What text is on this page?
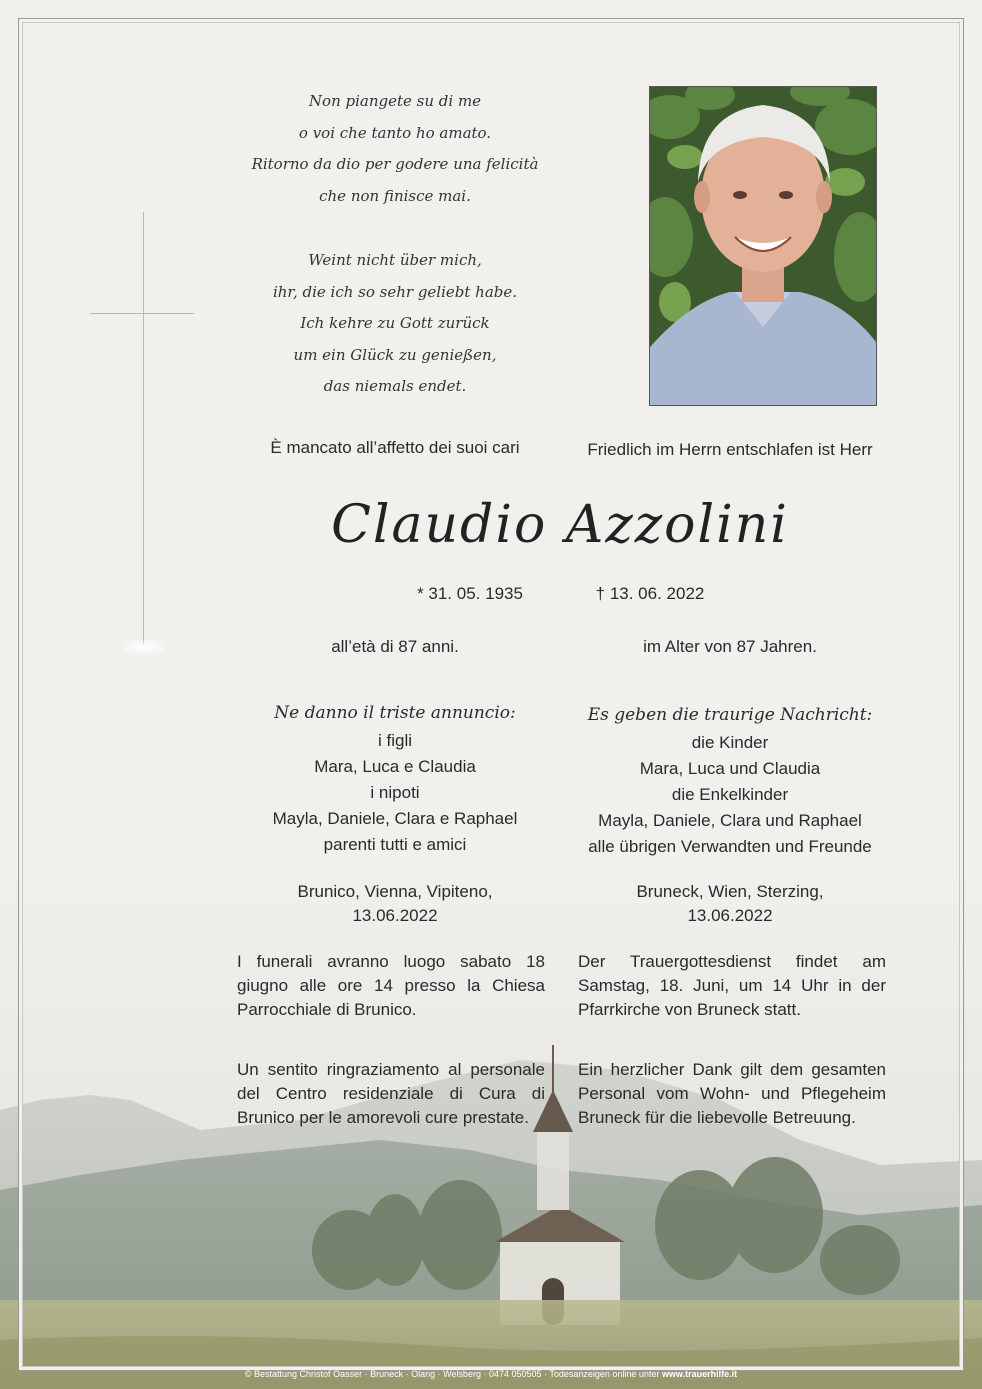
Non piangete su di me
o voi che tanto ho amato.
Ritorno da dio per godere una felicità
che non finisce mai.
Weint nicht über mich,
ihr, die ich so sehr geliebt habe.
Ich kehre zu Gott zurück
um ein Glück zu genießen,
das niemals endet.
È mancato all’affetto dei suoi cari	Friedlich im Herrn entschlafen ist Herr
Claudio Azzolini
* 31. 05. 1935	† 13. 06. 2022
all’età di 87 anni.	im Alter von 87 Jahren.
Ne danno il triste annuncio:
i figli
Mara, Luca e Claudia
i nipoti
Mayla, Daniele, Clara e Raphael
parenti tutti e amici
Es geben die traurige Nachricht:
die Kinder
Mara, Luca und Claudia
die Enkelkinder
Mayla, Daniele, Clara und Raphael
alle übrigen Verwandten und Freunde
Brunico, Vienna, Vipiteno,
13.06.2022
Bruneck, Wien, Sterzing,
13.06.2022
I funerali avranno luogo sabato 18 giugno alle ore 14 presso la Chiesa Parrocchiale di Brunico.
Der Trauergottesdienst findet am Samstag, 18. Juni, um 14 Uhr in der Pfarrkirche von Bruneck statt.
Un sentito ringraziamento al personale del Centro residenziale di Cura di Brunico per le amorevoli cure prestate.
Ein herzlicher Dank gilt dem gesamten Personal vom Wohn- und Pflegeheim Bruneck für die liebevolle Betreuung.
© Bestattung Christof Oasser · Bruneck · Olang · Welsberg · 0474 050505 · Todesanzeigen online unter www.trauerhilfe.it
